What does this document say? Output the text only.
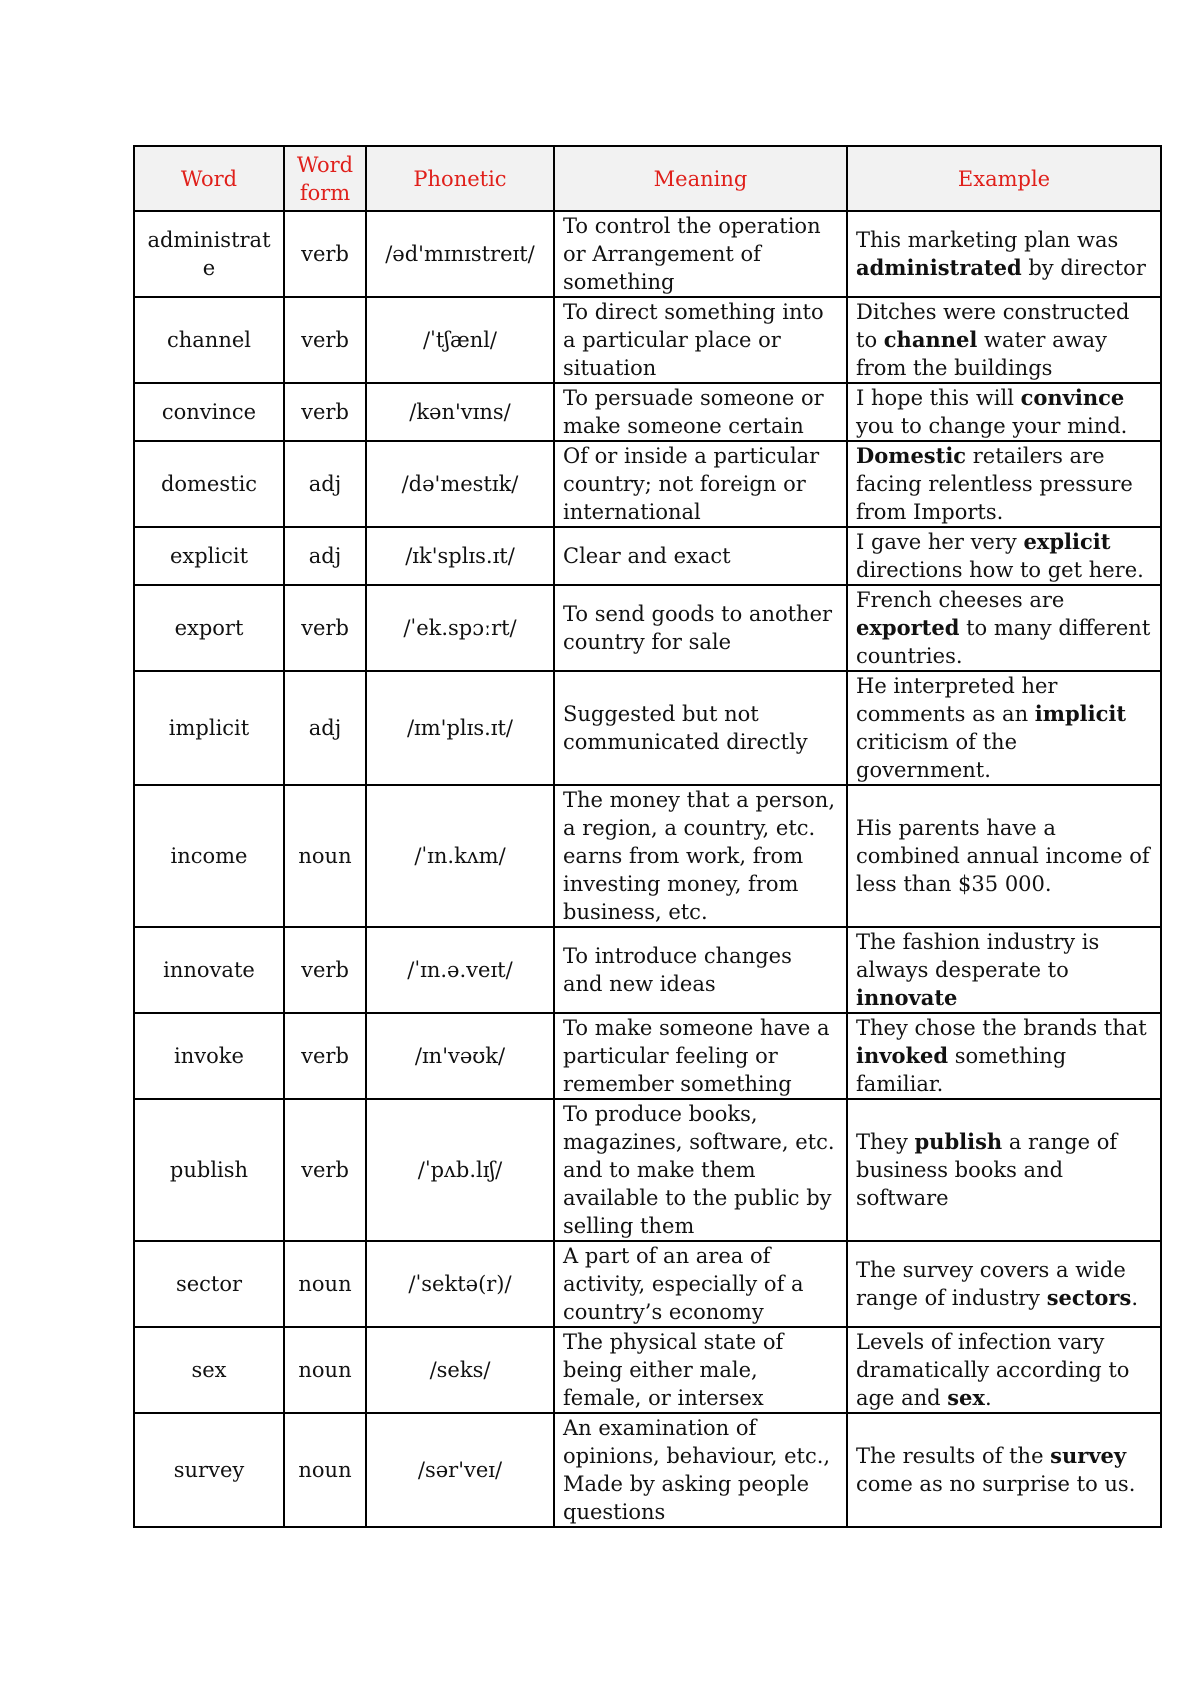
Word	Word form	Phonetic	Meaning	Example
administrate	verb	/əd'mɪnɪstreɪt/	To control the operation or Arrangement of something	This marketing plan was administrated by director
channel	verb	/ˈtʃænl/	To direct something into a particular place or situation	Ditches were constructed to channel water away from the buildings
convince	verb	/kən'vɪns/	To persuade someone or make someone certain	I hope this will convince you to change your mind.
domestic	adj	/də'mestɪk/	Of or inside a particular country; not foreign or international	Domestic retailers are facing relentless pressure from Imports.
explicit	adj	/ɪk'splɪs.ɪt/	Clear and exact	I gave her very explicit directions how to get here.
export	verb	/ˈek.spɔːrt/	To send goods to another country for sale	French cheeses are exported to many different countries.
implicit	adj	/ɪm'plɪs.ɪt/	Suggested but not communicated directly	He interpreted her comments as an implicit criticism of the government.
income	noun	/ˈɪn.kʌm/	The money that a person, a region, a country, etc. earns from work, from investing money, from business, etc.	His parents have a combined annual income of less than $35 000.
innovate	verb	/ˈɪn.ə.veɪt/	To introduce changes and new ideas	The fashion industry is always desperate to innovate
invoke	verb	/ɪn'vəʊk/	To make someone have a particular feeling or remember something	They chose the brands that invoked something familiar.
publish	verb	/ˈpʌb.lɪʃ/	To produce books, magazines, software, etc. and to make them available to the public by selling them	They publish a range of business books and software
sector	noun	/ˈsektə(r)/	A part of an area of activity, especially of a country’s economy	The survey covers a wide range of industry sectors.
sex	noun	/seks/	The physical state of being either male, female, or intersex	Levels of infection vary dramatically according to age and sex.
survey	noun	/sər'veɪ/	An examination of opinions, behaviour, etc., Made by asking people questions	The results of the survey come as no surprise to us.
